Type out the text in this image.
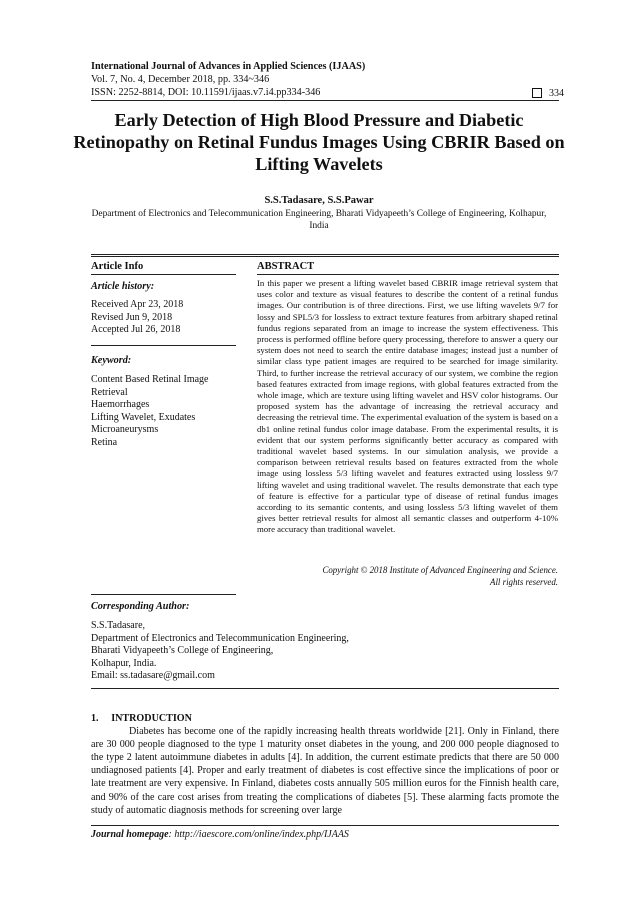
International Journal of Advances in Applied Sciences (IJAAS)
Vol. 7, No. 4, December 2018, pp. 334~346
ISSN: 2252-8814, DOI: 10.11591/ijaas.v7.i4.pp334-346	334
Early Detection of High Blood Pressure and Diabetic
Retinopathy on Retinal Fundus Images Using CBRIR Based on
Lifting Wavelets
S.S.Tadasare, S.S.Pawar
Department of Electronics and Telecommunication Engineering, Bharati Vidyapeeth’s College of Engineering, Kolhapur,
India
Article Info
Article history:
Received Apr 23, 2018
Revised Jun 9, 2018
Accepted Jul 26, 2018
Keyword:
Content Based Retinal Image
Retrieval
Haemorrhages
Lifting Wavelet, Exudates
Microaneurysms
Retina
ABSTRACT
In this paper we present a lifting wavelet based CBRIR image retrieval system that uses color and texture as visual features to describe the content of a retinal fundus images. Our contribution is of three directions. First, we use lifting wavelets 9/7 for lossy and SPL5/3 for lossless to extract texture features from arbitrary shaped retinal fundus regions separated from an image to increase the system effectiveness. This process is performed offline before query processing, therefore to answer a query our system does not need to search the entire database images; instead just a number of similar class type patient images are required to be searched for image similarity. Third, to further increase the retrieval accuracy of our system, we combine the region based features extracted from image regions, with global features extracted from the whole image, which are texture using lifting wavelet and HSV color histograms. Our proposed system has the advantage of increasing the retrieval accuracy and decreasing the retrieval time. The experimental evaluation of the system is based on a db1 online retinal fundus color image database. From the experimental results, it is evident that our system performs significantly better accuracy as compared with traditional wavelet based systems. In our simulation analysis, we provide a comparison between retrieval results based on features extracted from the whole image using lossless 5/3 lifting wavelet and features extracted using lossless 9/7 lifting wavelet and using traditional wavelet. The results demonstrate that each type of feature is effective for a particular type of disease of retinal fundus images according to its semantic contents, and using lossless 5/3 lifting wavelet of them gives better retrieval results for almost all semantic classes and outperform 4-10% more accuracy than traditional wavelet.
Copyright © 2018 Institute of Advanced Engineering and Science.
All rights reserved.
Corresponding Author:
S.S.Tadasare,
Department of Electronics and Telecommunication Engineering,
Bharati Vidyapeeth’s College of Engineering,
Kolhapur, India.
Email: ss.tadasare@gmail.com
1.     INTRODUCTION
Diabetes has become one of the rapidly increasing health threats worldwide [21]. Only in Finland, there are 30 000 people diagnosed to the type 1 maturity onset diabetes in the young, and 200 000 people diagnosed to the type 2 latent autoimmune diabetes in adults [4]. In addition, the current estimate predicts that there are 50 000 undiagnosed patients [4]. Proper and early treatment of diabetes is cost effective since the implications of poor or late treatment are very expensive. In Finland, diabetes costs annually 505 million euros for the Finnish health care, and 90% of the care cost arises from treating the complications of diabetes [5]. These alarming facts promote the study of automatic diagnosis methods for screening over large
Journal homepage: http://iaescore.com/online/index.php/IJAAS
